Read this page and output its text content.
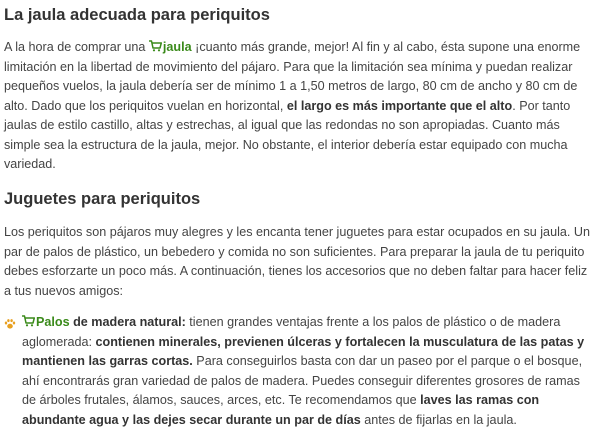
La jaula adecuada para periquitos

A la hora de comprar una
jaula ¡cuanto más grande, mejor! Al fin y al cabo, ésta supone una enorme limitación en la libertad de movimiento del pájaro. Para que la limitación sea mínima y puedan realizar pequeños vuelos, la jaula debería ser de mínimo 1 a 1,50 metros de largo, 80 cm de ancho y 80 cm de alto. Dado que los periquitos vuelan en horizontal, el largo es más importante que el alto. Por tanto jaulas de estilo castillo, altas y estrechas, al igual que las redondas no son apropiadas. Cuanto más simple sea la estructura de la jaula, mejor. No obstante, el interior debería estar equipado con mucha variedad.

Juguetes para periquitos

Los periquitos son pájaros muy alegres y les encanta tener juguetes para estar ocupados en su jaula. Un par de palos de plástico, un bebedero y comida no son suficientes. Para preparar la jaula de tu periquito debes esforzarte un poco más. A continuación, tienes los accesorios que no deben faltar para hacer feliz a tus nuevos amigos:

Palos de madera natural: tienen grandes ventajas frente a los palos de plástico o de madera aglomerada: contienen minerales, previenen úlceras y fortalecen la musculatura de las patas y mantienen las garras cortas. Para conseguirlos basta con dar un paseo por el parque o el bosque, ahí encontrarás gran variedad de palos de madera. Puedes conseguir diferentes grosores de ramas de árboles frutales, álamos, sauces, arces, etc. Te recomendamos que laves las ramas con abundante agua y las dejes secar durante un par de días antes de fijarlas en la jaula.
